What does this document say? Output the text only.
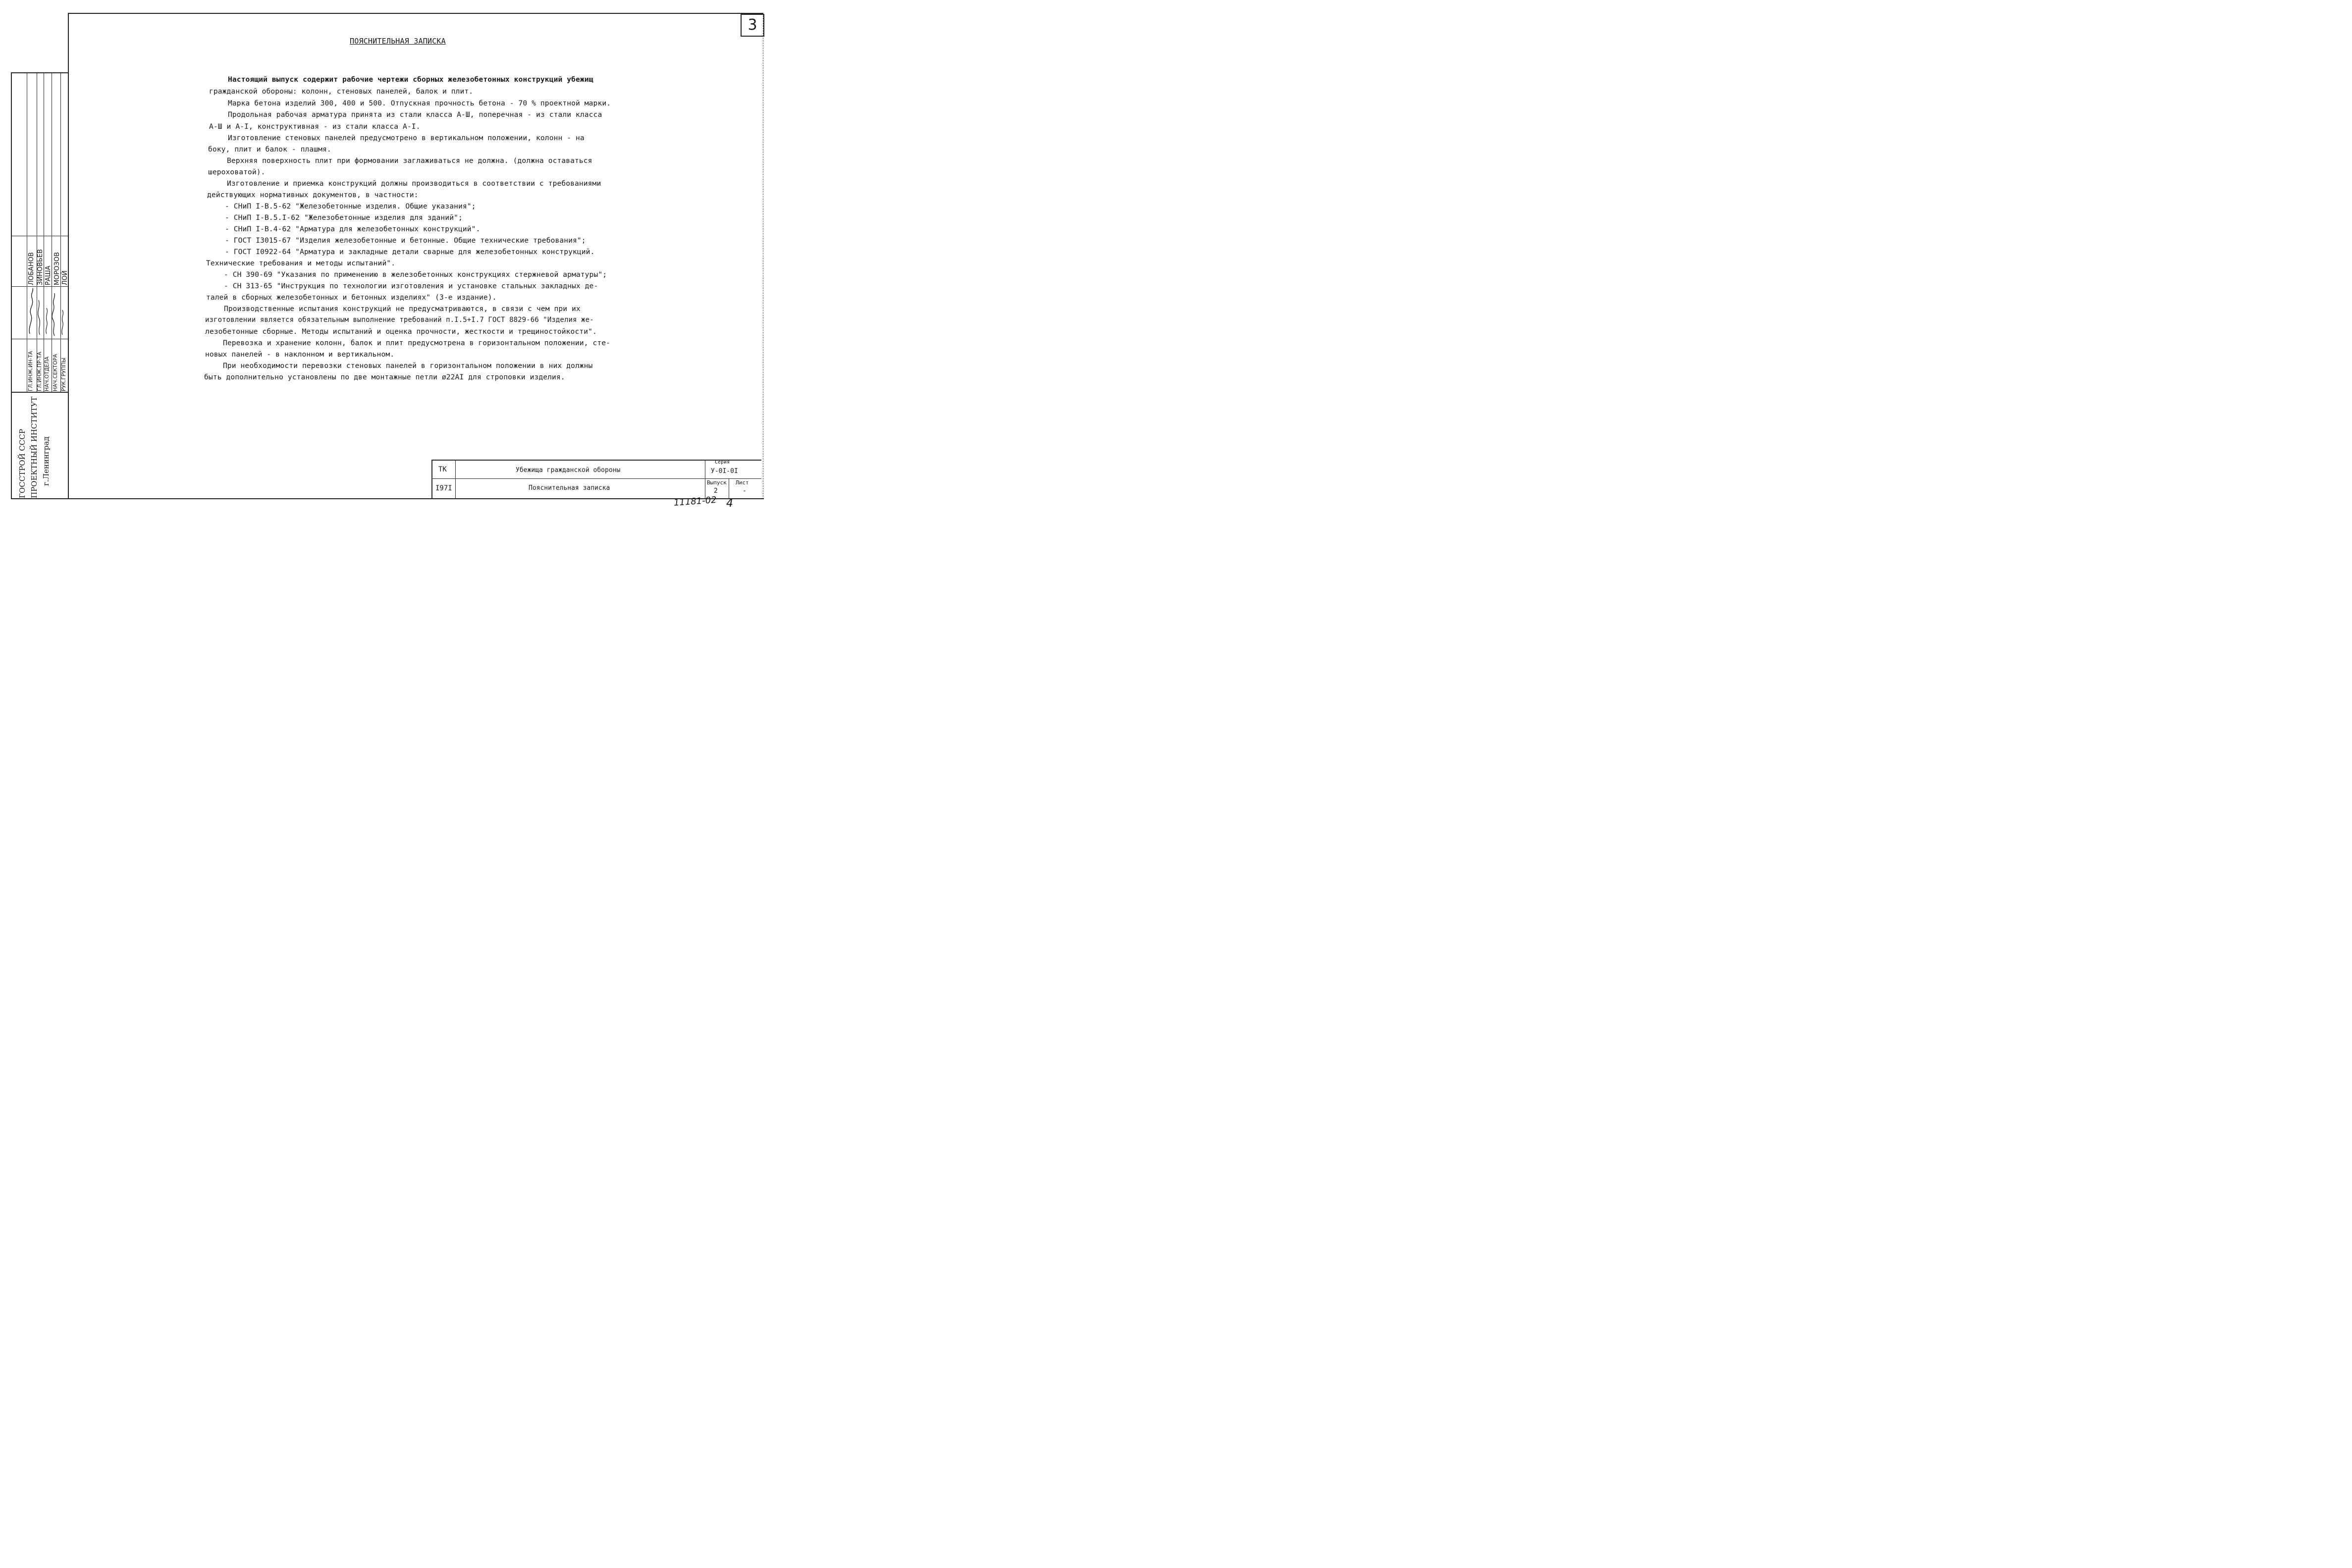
3
ПОЯСНИТЕЛЬНАЯ ЗАПИСКА
Настоящий выпуск содержит рабочие чертежи сборных железобетонных конструкций убежищ
гражданской обороны: колонн, стеновых панелей, балок и плит.
Марка бетона изделий 300, 400 и 500. Отпускная прочность бетона - 70 % проектной марки.
Продольная рабочая арматура принята из стали класса А-Ш, поперечная - из стали класса
А-Ш и А-I, конструктивная - из стали класса А-I.
Изготовление стеновых панелей предусмотрено в вертикальном положении, колонн - на
боку, плит и балок - плашмя.
Верхняя поверхность плит при формовании заглаживаться не должна. (должна оставаться
шероховатой).
Изготовление и приемка конструкций должны производиться в соответствии с требованиями
действующих нормативных документов, в частности:
- СНиП I-В.5-62 "Железобетонные изделия. Общие указания";
- СНиП I-В.5.I-62 "Железобетонные изделия для зданий";
- СНиП I-В.4-62 "Арматура для железобетонных конструкций".
- ГОСТ I3015-67 "Изделия железобетонные и бетонные. Общие технические требования";
- ГОСТ I0922-64 "Арматура и закладные детали сварные для железобетонных конструкций.
Технические требования и методы испытаний".
- СН 390-69 "Указания по применению в железобетонных конструкциях стержневой арматуры";
- СН 313-65 "Инструкция по технологии изготовления и установке стальных закладных де-
талей в сборных железобетонных и бетонных изделиях" (3-е издание).
Производственные испытания конструкций не предусматриваются, в связи с чем при их
изготовлении является обязательным выполнение требований п.I.5+I.7 ГОСТ 8829-66 "Изделия же-
лезобетонные сборные. Методы испытаний и оценка прочности, жесткости и трещиностойкости".
Перевозка и хранение колонн, балок и плит предусмотрена в горизонтальном положении, сте-
новых панелей - в наклонном и вертикальном.
При необходимости перевозки стеновых панелей в горизонтальном положении в них должны
быть дополнительно установлены по две монтажные петли ø22АI для строповки изделия.
ГЛ.ИНЖ.ИН-ТА ГЛ.ИНЖ.ПР-ТА НАЧ.ОТДЕЛА НАЧ.СЕКТОРА РУК.ГРУППЫ
ЛОБАНОВ ЗИНОВЬЕВ РАША МОРОЗОВ ЛОЙ
ГОССТРОЙ СССР ПРОЕКТНЫЙ ИНСТИТУТ г.Ленинград	ТК
I97I
Убежища гражданской обороны
Пояснительная записка
Серия
У-0I-0I
Выпуск
2
Лист
-
11181-02 4
